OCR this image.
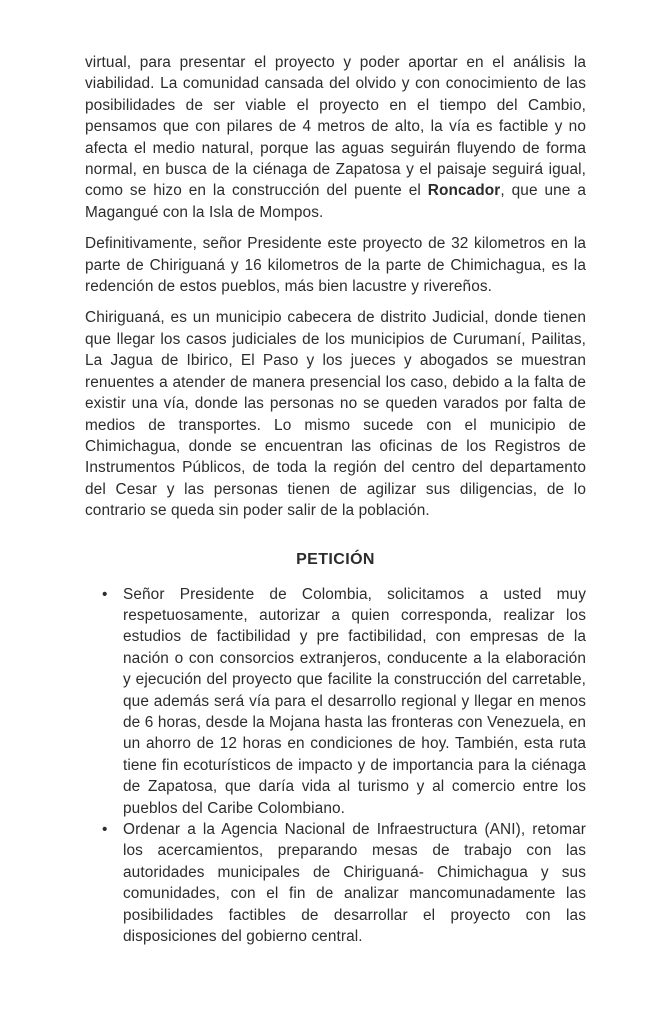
virtual, para presentar el proyecto y poder aportar en el análisis la viabilidad. La comunidad cansada del olvido y con conocimiento de las posibilidades de ser viable el proyecto en el tiempo del Cambio, pensamos que con pilares de 4 metros de alto, la vía es factible y no afecta el medio natural, porque las aguas seguirán fluyendo de forma normal, en busca de la ciénaga de Zapatosa y el paisaje seguirá igual, como se hizo en la construcción del puente el Roncador, que une a Magangué con la Isla de Mompos.

Definitivamente, señor Presidente este proyecto de 32 kilometros en la parte de Chiriguaná y 16 kilometros de la parte de Chimichagua, es la redención de estos pueblos, más bien lacustre y rivereños.

Chiriguaná, es un municipio cabecera de distrito Judicial, donde tienen que llegar los casos judiciales de los municipios de Curumaní, Pailitas, La Jagua de Ibirico, El Paso y los jueces y abogados se muestran renuentes a atender de manera presencial los caso, debido a la falta de existir una vía, donde las personas no se queden varados por falta de medios de transportes. Lo mismo sucede con el municipio de Chimichagua, donde se encuentran las oficinas de los Registros de Instrumentos Públicos, de toda la región del centro del departamento del Cesar y las personas tienen de agilizar sus diligencias, de lo contrario se queda sin poder salir de la población.

PETICIÓN
• Señor Presidente de Colombia, solicitamos a usted muy respetuosamente, autorizar a quien corresponda, realizar los estudios de factibilidad y pre factibilidad, con empresas de la nación o con consorcios extranjeros, conducente a la elaboración y ejecución del proyecto que facilite la construcción del carretable, que además será vía para el desarrollo regional y llegar en menos de 6 horas, desde la Mojana hasta las fronteras con Venezuela, en un ahorro de 12 horas en condiciones de hoy. También, esta ruta tiene fin ecoturísticos de impacto y de importancia para la ciénaga de Zapatosa, que daría vida al turismo y al comercio entre los pueblos del Caribe Colombiano.
• Ordenar a la Agencia Nacional de Infraestructura (ANI), retomar los acercamientos, preparando mesas de trabajo con las autoridades municipales de Chiriguaná- Chimichagua y sus comunidades, con el fin de analizar mancomunadamente las posibilidades factibles de desarrollar el proyecto con las disposiciones del gobierno central.
